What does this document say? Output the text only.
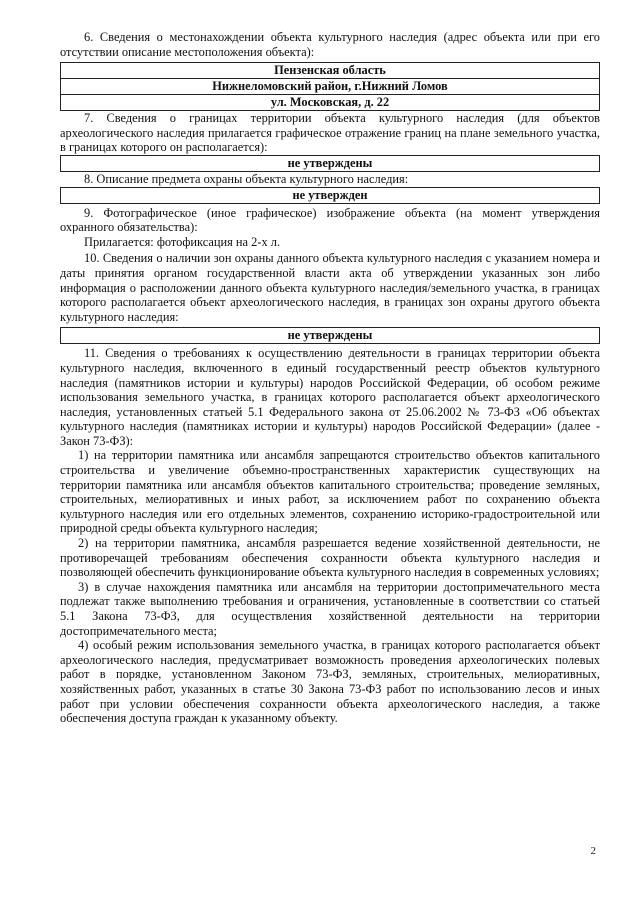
6. Сведения о местонахождении объекта культурного наследия (адрес объекта или при его отсутствии описание местоположения объекта):

Пензенская область
Нижнеломовский район, г.Нижний Ломов
ул. Московская, д. 22

7. Сведения о границах территории объекта культурного наследия (для объектов археологического наследия прилагается графическое отражение границ на плане земельного участка, в границах которого он располагается):

не утверждены

8. Описание предмета охраны объекта культурного наследия:

не утвержден

9. Фотографическое (иное графическое) изображение объекта (на момент утверждения охранного обязательства):

Прилагается: фотофиксация на 2-х л.

10. Сведения о наличии зон охраны данного объекта культурного наследия с указанием номера и даты принятия органом государственной власти акта об утверждении указанных зон либо информация о расположении данного объекта культурного наследия/земельного участка, в границах которого располагается объект археологического наследия, в границах зон охраны другого объекта культурного наследия:

не утверждены

11. Сведения о требованиях к осуществлению деятельности в границах территории объекта культурного наследия, включенного в единый государственный реестр объектов культурного наследия (памятников истории и культуры) народов Российской Федерации, об особом режиме использования земельного участка, в границах которого располагается объект археологического наследия, установленных статьей 5.1 Федерального закона от 25.06.2002 № 73-ФЗ «Об объектах культурного наследия (памятниках истории и культуры) народов Российской Федерации» (далее - Закон 73-ФЗ):

1) на территории памятника или ансамбля запрещаются строительство объектов капитального строительства и увеличение объемно-пространственных характеристик существующих на территории памятника или ансамбля объектов капитального строительства; проведение земляных, строительных, мелиоративных и иных работ, за исключением работ по сохранению объекта культурного наследия или его отдельных элементов, сохранению историко-градостроительной или природной среды объекта культурного наследия;

2) на территории памятника, ансамбля разрешается ведение хозяйственной деятельности, не противоречащей требованиям обеспечения сохранности объекта культурного наследия и позволяющей обеспечить функционирование объекта культурного наследия в современных условиях;

3) в случае нахождения памятника или ансамбля на территории достопримечательного места подлежат также выполнению требования и ограничения, установленные в соответствии со статьей 5.1 Закона 73-ФЗ, для осуществления хозяйственной деятельности на территории достопримечательного места;

4) особый режим использования земельного участка, в границах которого располагается объект археологического наследия, предусматривает возможность проведения археологических полевых работ в порядке, установленном Законом 73-ФЗ, земляных, строительных, мелиоративных, хозяйственных работ, указанных в статье 30 Закона 73-ФЗ работ по использованию лесов и иных работ при условии обеспечения сохранности объекта археологического наследия, а также обеспечения доступа граждан к указанному объекту.

2
